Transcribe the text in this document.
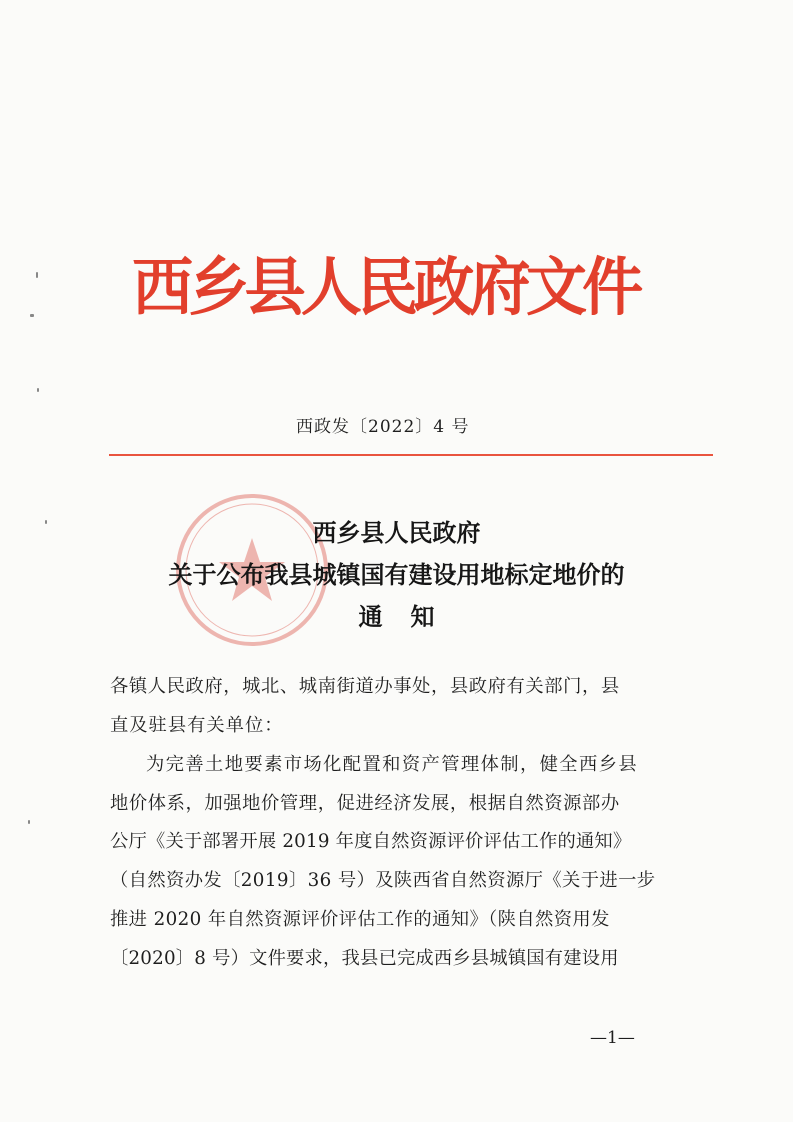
西乡县人民政府文件
西政发〔2022〕4 号
西乡县人民政府
关于公布我县城镇国有建设用地标定地价的
通知
各镇人民政府，城北、城南街道办事处，县政府有关部门，县
直及驻县有关单位：
为完善土地要素市场化配置和资产管理体制，健全西乡县
地价体系，加强地价管理，促进经济发展，根据自然资源部办
公厅《关于部署开展 2019 年度自然资源评价评估工作的通知》
（自然资办发〔2019〕36 号）及陕西省自然资源厅《关于进一步
推进 2020 年自然资源评价评估工作的通知》（陕自然资用发
〔2020〕8 号）文件要求，我县已完成西乡县城镇国有建设用
—1—
